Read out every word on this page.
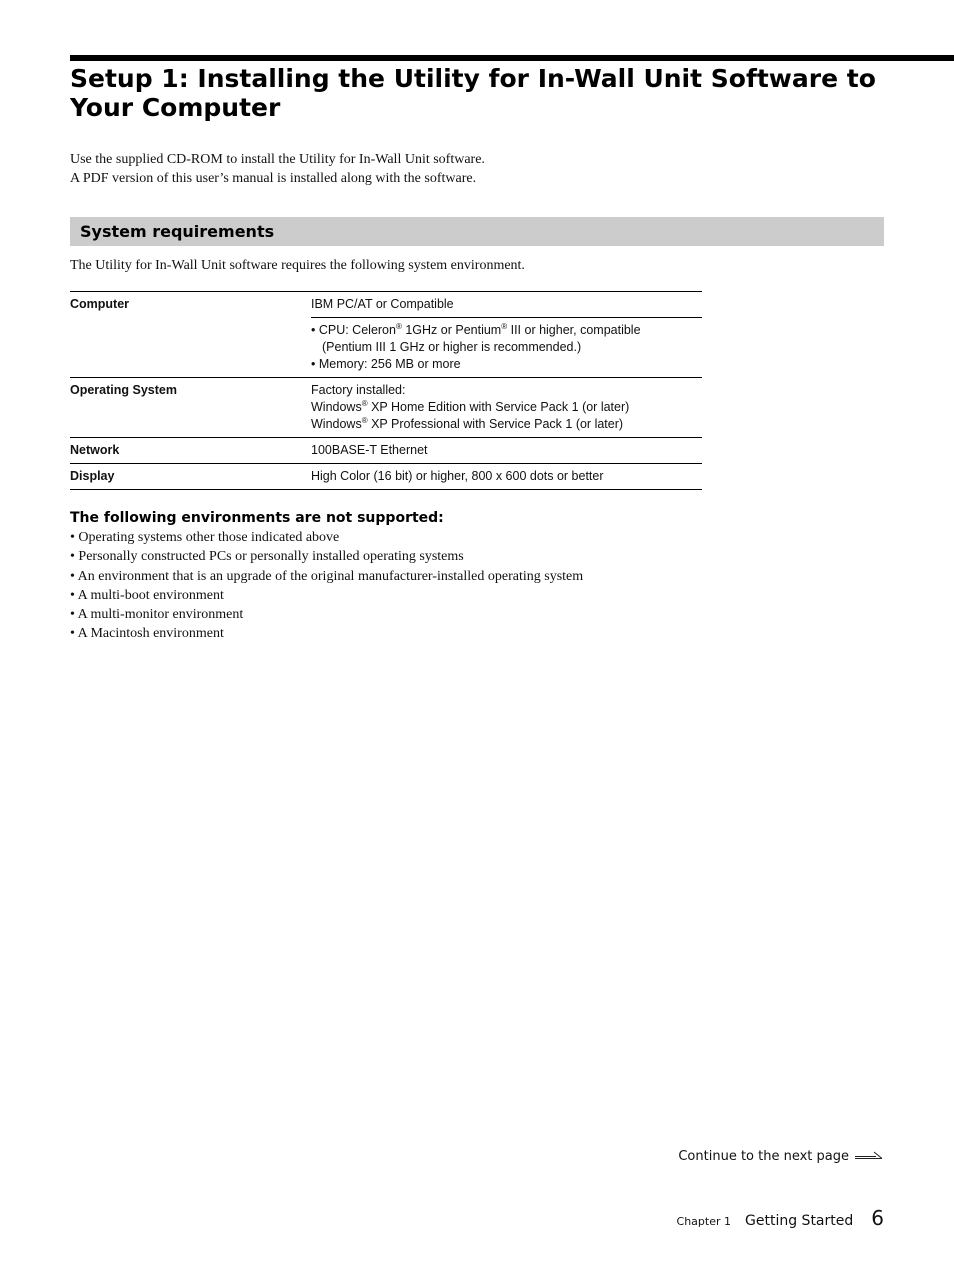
Setup 1: Installing the Utility for In-Wall Unit Software to Your Computer

Use the supplied CD-ROM to install the Utility for In-Wall Unit software.

A PDF version of this user’s manual is installed along with the software.

System requirements

The Utility for In-Wall Unit software requires the following system environment.

Computer	IBM PC/AT or Compatible

	• CPU: Celeron® 1GHz or Pentium® III or higher, compatible
(Pentium III 1 GHz or higher is recommended.)
• Memory: 256 MB or more

Operating System	Factory installed:
Windows® XP Home Edition with Service Pack 1 (or later)
Windows® XP Professional with Service Pack 1 (or later)

Network	100BASE-T Ethernet
Display	High Color (16 bit) or higher, 800 x 600 dots or better
The following environments are not supported:
• Operating systems other those indicated above
• Personally constructed PCs or personally installed operating systems
• An environment that is an upgrade of the original manufacturer-installed operating system
• A multi-boot environment
• A multi-monitor environment
• A Macintosh environment
Continue to the next page
Chapter 1 Getting Started 6
